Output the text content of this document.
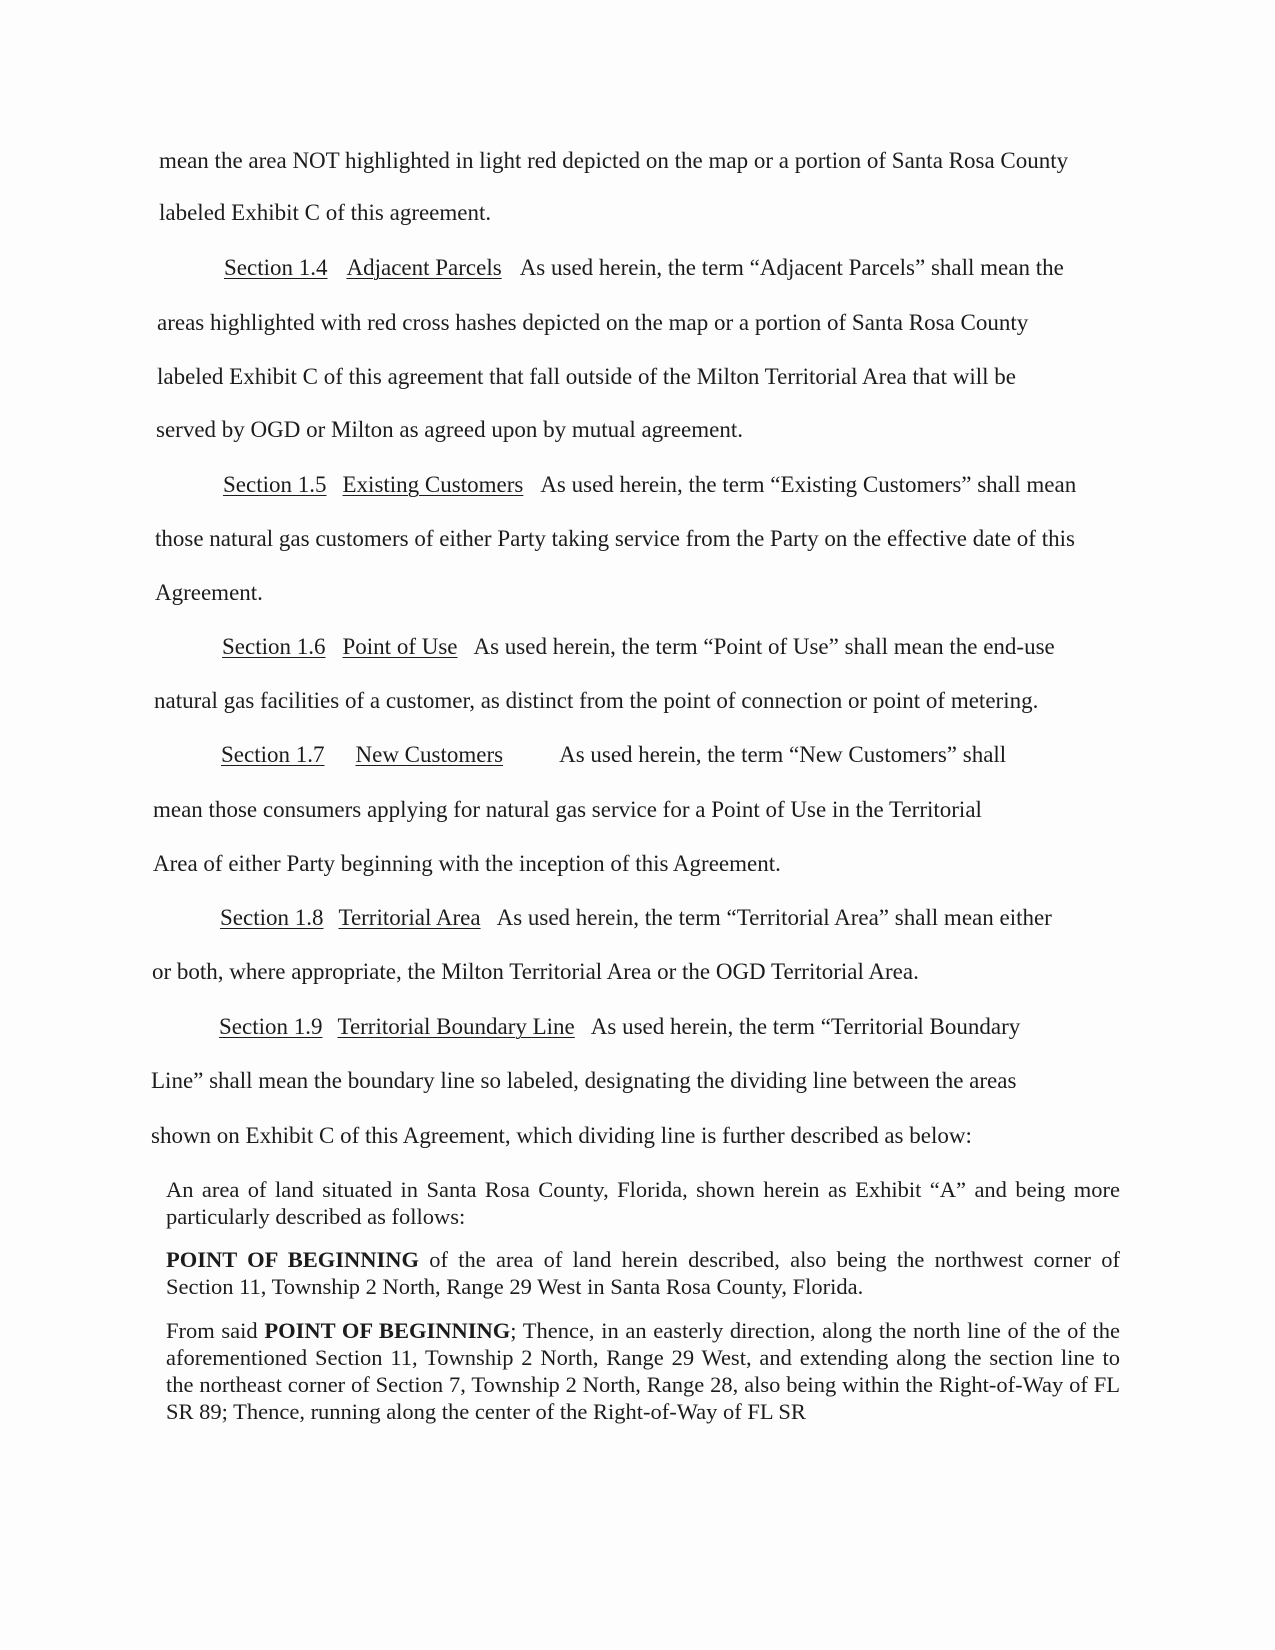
mean the area NOT highlighted in light red depicted on the map or a portion of Santa Rosa County
labeled Exhibit C of this agreement.
Section 1.4 Adjacent Parcels As used herein, the term “Adjacent Parcels” shall mean the
areas highlighted with red cross hashes depicted on the map or a portion of Santa Rosa County
labeled Exhibit C of this agreement that fall outside of the Milton Territorial Area that will be
served by OGD or Milton as agreed upon by mutual agreement.
Section 1.5 Existing Customers As used herein, the term “Existing Customers” shall mean
those natural gas customers of either Party taking service from the Party on the effective date of this
Agreement.
Section 1.6 Point of Use As used herein, the term “Point of Use” shall mean the end-use
natural gas facilities of a customer, as distinct from the point of connection or point of metering.
Section 1.7 New Customers As used herein, the term “New Customers” shall
mean those consumers applying for natural gas service for a Point of Use in the Territorial
Area of either Party beginning with the inception of this Agreement.
Section 1.8 Territorial Area As used herein, the term “Territorial Area” shall mean either
or both, where appropriate, the Milton Territorial Area or the OGD Territorial Area.
Section 1.9 Territorial Boundary Line As used herein, the term “Territorial Boundary
Line” shall mean the boundary line so labeled, designating the dividing line between the areas
shown on Exhibit C of this Agreement, which dividing line is further described as below:
An area of land situated in Santa Rosa County, Florida, shown herein as Exhibit “A” and being more particularly described as follows:
POINT OF BEGINNING of the area of land herein described, also being the northwest corner of Section 11, Township 2 North, Range 29 West in Santa Rosa County, Florida.
From said POINT OF BEGINNING; Thence, in an easterly direction, along the north line of the of the aforementioned Section 11, Township 2 North, Range 29 West, and extending along the section line to the northeast corner of Section 7, Township 2 North, Range 28, also being within the Right-of-Way of FL SR 89; Thence, running along the center of the Right-of-Way of FL SR
